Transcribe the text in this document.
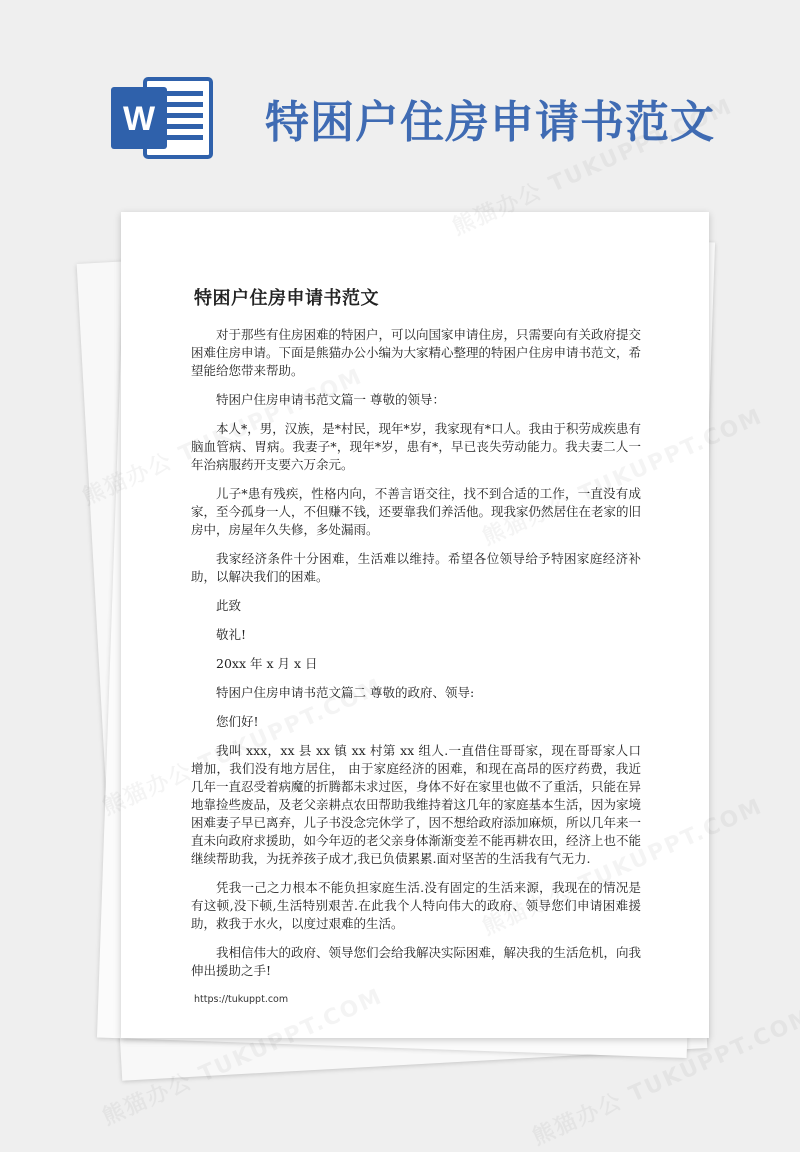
W 特困户住房申请书范文
特困户住房申请书范文

对于那些有住房困难的特困户，可以向国家申请住房，只需要向有关政府提交困难住房申请。下面是熊猫办公小编为大家精心整理的特困户住房申请书范文，希望能给您带来帮助。

特困户住房申请书范文篇一 尊敬的领导：

本人*，男，汉族，是*村民，现年*岁，我家现有*口人。我由于积劳成疾患有脑血管病、胃病。我妻子*，现年*岁，患有*，早已丧失劳动能力。我夫妻二人一年治病服药开支要六万余元。

儿子*患有残疾，性格内向，不善言语交往，找不到合适的工作，一直没有成家，至今孤身一人，不但赚不钱，还要靠我们养活他。现我家仍然居住在老家的旧房中，房屋年久失修，多处漏雨。

我家经济条件十分困难，生活难以维持。希望各位领导给予特困家庭经济补助，以解决我们的困难。

此致

敬礼!

20xx 年 x 月 x 日

特困户住房申请书范文篇二 尊敬的政府、领导:

您们好!

我叫 xxx，xx 县 xx 镇 xx 村第 xx 组人.一直借住哥哥家，现在哥哥家人口增加，我们没有地方居住， 由于家庭经济的困难，和现在高昂的医疗药费，我近几年一直忍受着病魔的折腾都未求过医，身体不好在家里也做不了重活，只能在异地靠捡些废品，及老父亲耕点农田帮助我维持着这几年的家庭基本生活，因为家境困难妻子早已离弃，儿子书没念完休学了，因不想给政府添加麻烦，所以几年来一直未向政府求援助，如今年迈的老父亲身体渐渐变差不能再耕农田，经济上也不能继续帮助我，为抚养孩子成才,我已负债累累.面对坚苦的生活我有气无力.

凭我一己之力根本不能负担家庭生活.没有固定的生活来源，我现在的情况是有这顿,没下顿,生活特别艰苦.在此我个人特向伟大的政府、领导您们申请困难援助，救我于水火，以度过艰难的生活。

我相信伟大的政府、领导您们会给我解决实际困难，解决我的生活危机，向我伸出援助之手!

https://tukuppt.com
